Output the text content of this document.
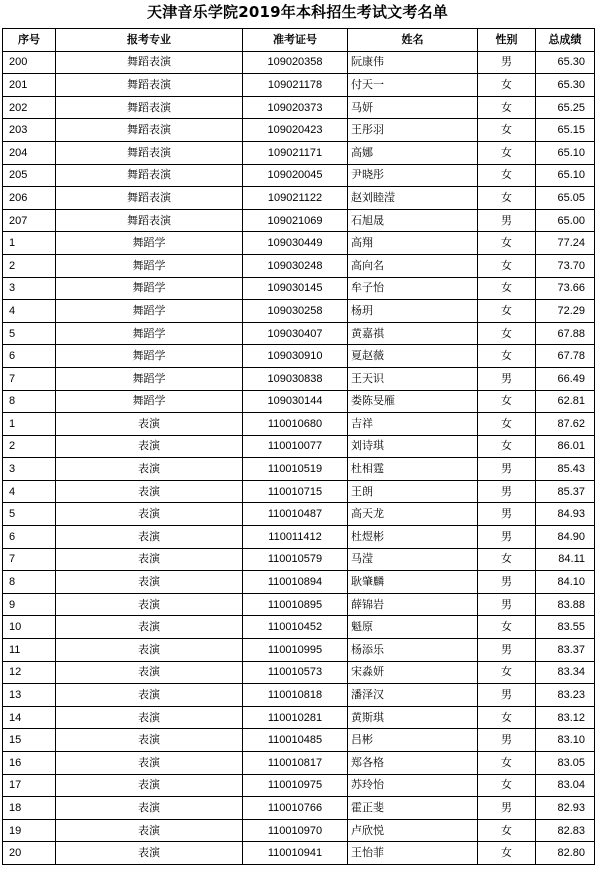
天津音乐学院2019年本科招生考试文考名单
序号	报考专业	准考证号	姓名	性别	总成绩
200	舞蹈表演	109020358	阮康伟	男	65.30
201	舞蹈表演	109021178	付天一	女	65.30
202	舞蹈表演	109020373	马妍	女	65.25
203	舞蹈表演	109020423	王彤羽	女	65.15
204	舞蹈表演	109021171	高娜	女	65.10
205	舞蹈表演	109020045	尹晓彤	女	65.10
206	舞蹈表演	109021122	赵刘睦滢	女	65.05
207	舞蹈表演	109021069	石旭晟	男	65.00
1	舞蹈学	109030449	高翔	女	77.24
2	舞蹈学	109030248	高向名	女	73.70
3	舞蹈学	109030145	牟子怡	女	73.66
4	舞蹈学	109030258	杨玥	女	72.29
5	舞蹈学	109030407	黄嘉祺	女	67.88
6	舞蹈学	109030910	夏赵薇	女	67.78
7	舞蹈学	109030838	王天识	男	66.49
8	舞蹈学	109030144	娄陈旻雁	女	62.81
1	表演	110010680	吉祥	女	87.62
2	表演	110010077	刘诗琪	女	86.01
3	表演	110010519	杜相霆	男	85.43
4	表演	110010715	王朗	男	85.37
5	表演	110010487	高天龙	男	84.93
6	表演	110011412	杜煜彬	男	84.90
7	表演	110010579	马滢	女	84.11
8	表演	110010894	耿肇麟	男	84.10
9	表演	110010895	薛锦岩	男	83.88
10	表演	110010452	魁原	女	83.55
11	表演	110010995	杨添乐	男	83.37
12	表演	110010573	宋淼妍	女	83.34
13	表演	110010818	潘泽汉	男	83.23
14	表演	110010281	黄斯琪	女	83.12
15	表演	110010485	吕彬	男	83.10
16	表演	110010817	郑各格	女	83.05
17	表演	110010975	苏玲怡	女	83.04
18	表演	110010766	霍正斐	男	82.93
19	表演	110010970	卢欣悦	女	82.83
20	表演	110010941	王怡菲	女	82.80
